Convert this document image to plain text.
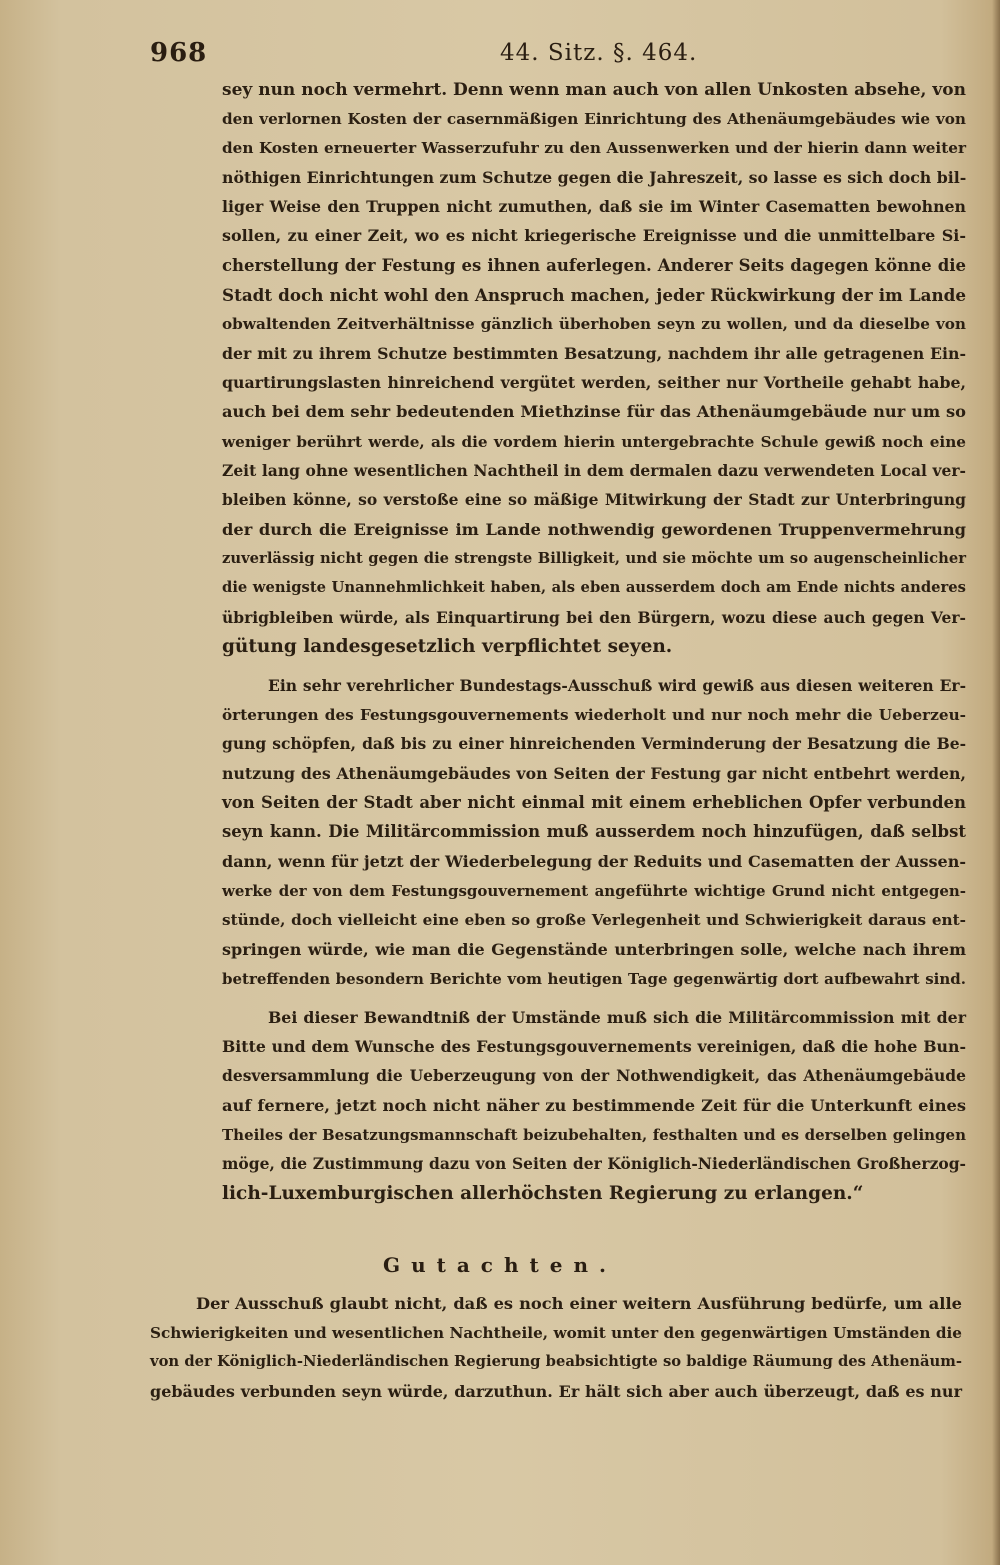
968	44. Sitz. §. 464.
sey nun noch vermehrt. Denn wenn man auch von allen Unkosten absehe, von
den verlornen Kosten der casernmäßigen Einrichtung des Athenäumgebäudes wie von
den Kosten erneuerter Wasserzufuhr zu den Aussenwerken und der hierin dann weiter
nöthigen Einrichtungen zum Schutze gegen die Jahreszeit, so lasse es sich doch bil-
liger Weise den Truppen nicht zumuthen, daß sie im Winter Casematten bewohnen
sollen, zu einer Zeit, wo es nicht kriegerische Ereignisse und die unmittelbare Si-
cherstellung der Festung es ihnen auferlegen. Anderer Seits dagegen könne die
Stadt doch nicht wohl den Anspruch machen, jeder Rückwirkung der im Lande
obwaltenden Zeitverhältnisse gänzlich überhoben seyn zu wollen, und da dieselbe von
der mit zu ihrem Schutze bestimmten Besatzung, nachdem ihr alle getragenen Ein-
quartirungslasten hinreichend vergütet werden, seither nur Vortheile gehabt habe,
auch bei dem sehr bedeutenden Miethzinse für das Athenäumgebäude nur um so
weniger berührt werde, als die vordem hierin untergebrachte Schule gewiß noch eine
Zeit lang ohne wesentlichen Nachtheil in dem dermalen dazu verwendeten Local ver-
bleiben könne, so verstoße eine so mäßige Mitwirkung der Stadt zur Unterbringung
der durch die Ereignisse im Lande nothwendig gewordenen Truppenvermehrung
zuverlässig nicht gegen die strengste Billigkeit, und sie möchte um so augenscheinlicher
die wenigste Unannehmlichkeit haben, als eben ausserdem doch am Ende nichts anderes
übrigbleiben würde, als Einquartirung bei den Bürgern, wozu diese auch gegen Ver-
gütung landesgesetzlich verpflichtet seyen.
Ein sehr verehrlicher Bundestags-Ausschuß wird gewiß aus diesen weiteren Er-
örterungen des Festungsgouvernements wiederholt und nur noch mehr die Ueberzeu-
gung schöpfen, daß bis zu einer hinreichenden Verminderung der Besatzung die Be-
nutzung des Athenäumgebäudes von Seiten der Festung gar nicht entbehrt werden,
von Seiten der Stadt aber nicht einmal mit einem erheblichen Opfer verbunden
seyn kann. Die Militärcommission muß ausserdem noch hinzufügen, daß selbst
dann, wenn für jetzt der Wiederbelegung der Reduits und Casematten der Aussen-
werke der von dem Festungsgouvernement angeführte wichtige Grund nicht entgegen-
stünde, doch vielleicht eine eben so große Verlegenheit und Schwierigkeit daraus ent-
springen würde, wie man die Gegenstände unterbringen solle, welche nach ihrem
betreffenden besondern Berichte vom heutigen Tage gegenwärtig dort aufbewahrt sind.
Bei dieser Bewandtniß der Umstände muß sich die Militärcommission mit der
Bitte und dem Wunsche des Festungsgouvernements vereinigen, daß die hohe Bun-
desversammlung die Ueberzeugung von der Nothwendigkeit, das Athenäumgebäude
auf fernere, jetzt noch nicht näher zu bestimmende Zeit für die Unterkunft eines
Theiles der Besatzungsmannschaft beizubehalten, festhalten und es derselben gelingen
möge, die Zustimmung dazu von Seiten der Königlich-Niederländischen Großherzog-
lich-Luxemburgischen allerhöchsten Regierung zu erlangen.“
Gutachten.
Der Ausschuß glaubt nicht, daß es noch einer weitern Ausführung bedürfe, um alle
Schwierigkeiten und wesentlichen Nachtheile, womit unter den gegenwärtigen Umständen die
von der Königlich-Niederländischen Regierung beabsichtigte so baldige Räumung des Athenäum-
gebäudes verbunden seyn würde, darzuthun. Er hält sich aber auch überzeugt, daß es nur
